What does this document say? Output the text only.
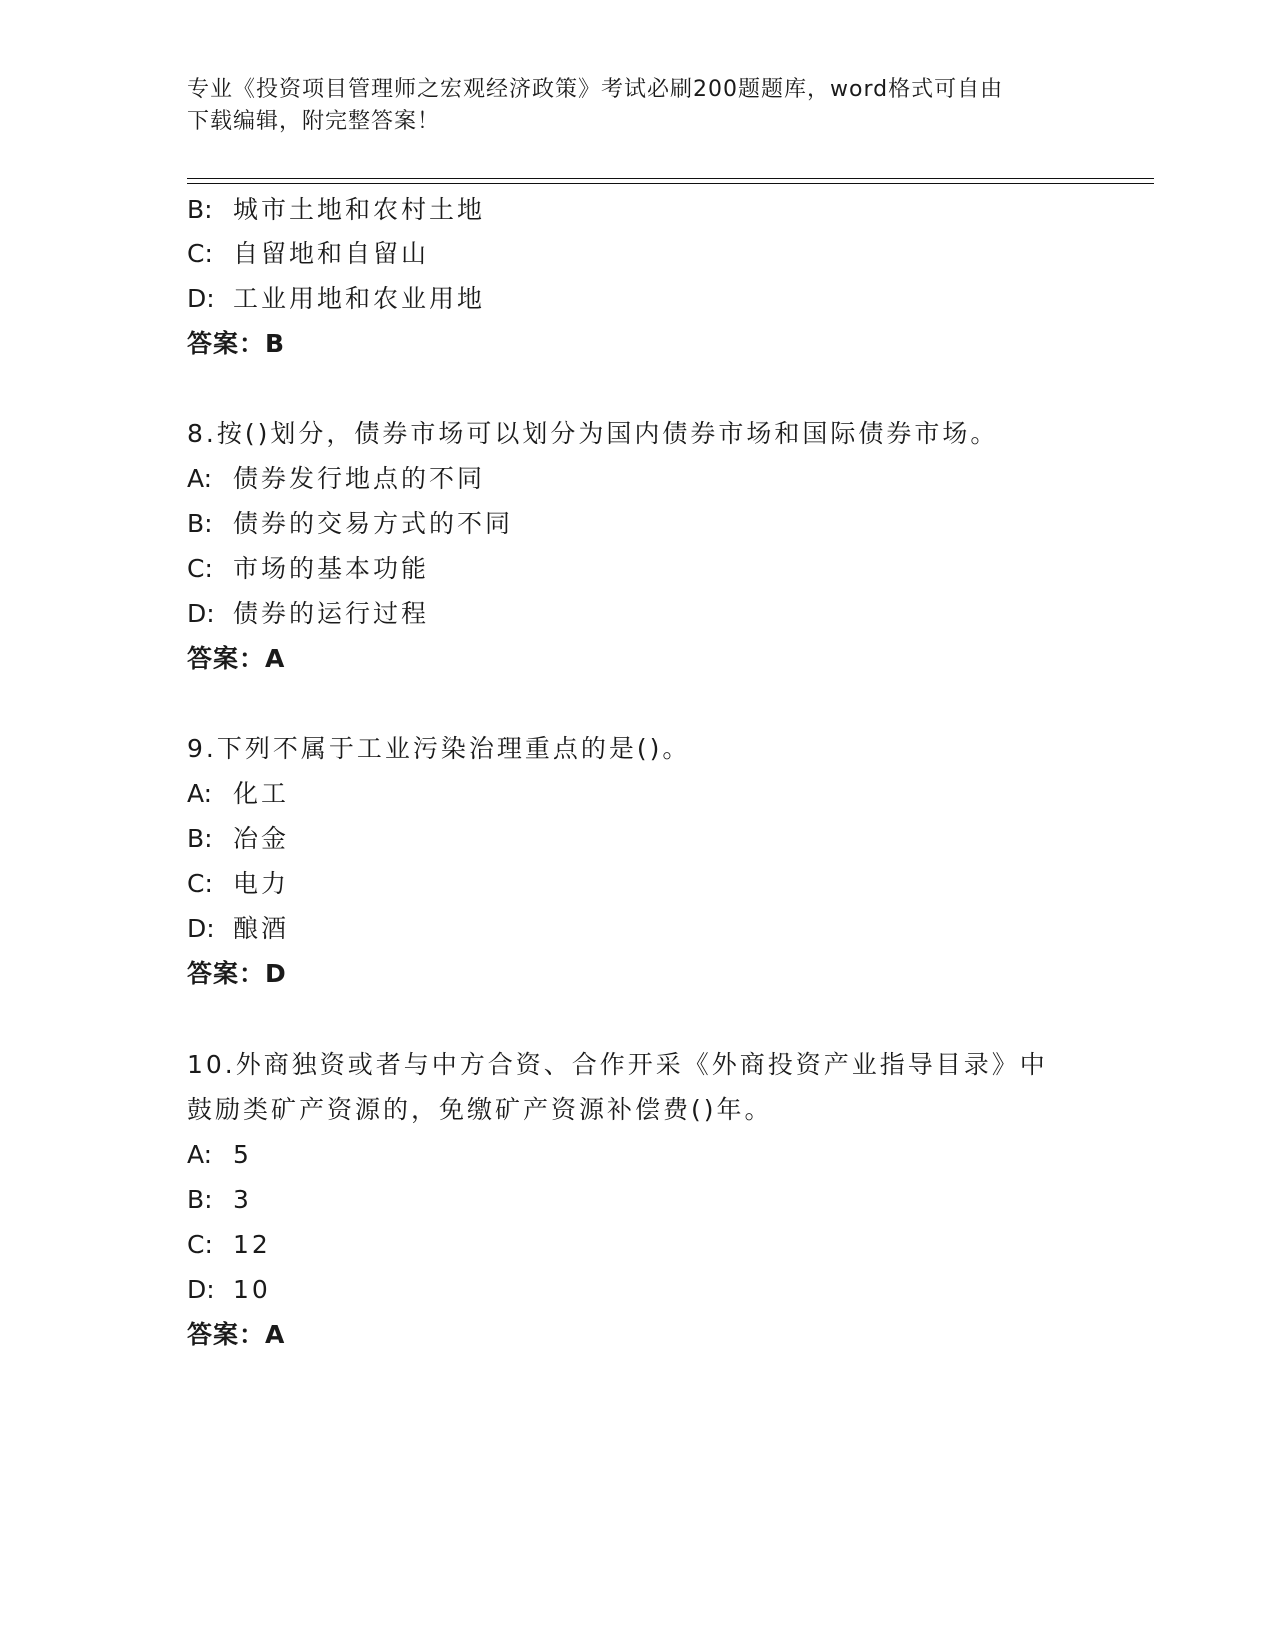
专业《投资项目管理师之宏观经济政策》考试必刷200题题库，word格式可自由
下载编辑，附完整答案！
B: 城市土地和农村土地
C: 自留地和自留山
D: 工业用地和农业用地
答案：B
8.按()划分，债券市场可以划分为国内债券市场和国际债券市场。
A: 债券发行地点的不同
B: 债券的交易方式的不同
C: 市场的基本功能
D: 债券的运行过程
答案：A
9.下列不属于工业污染治理重点的是()。
A: 化工
B: 冶金
C: 电力
D: 酿酒
答案：D
10.外商独资或者与中方合资、合作开采《外商投资产业指导目录》中
鼓励类矿产资源的，免缴矿产资源补偿费()年。
A: 5
B: 3
C: 12
D: 10
答案：A
